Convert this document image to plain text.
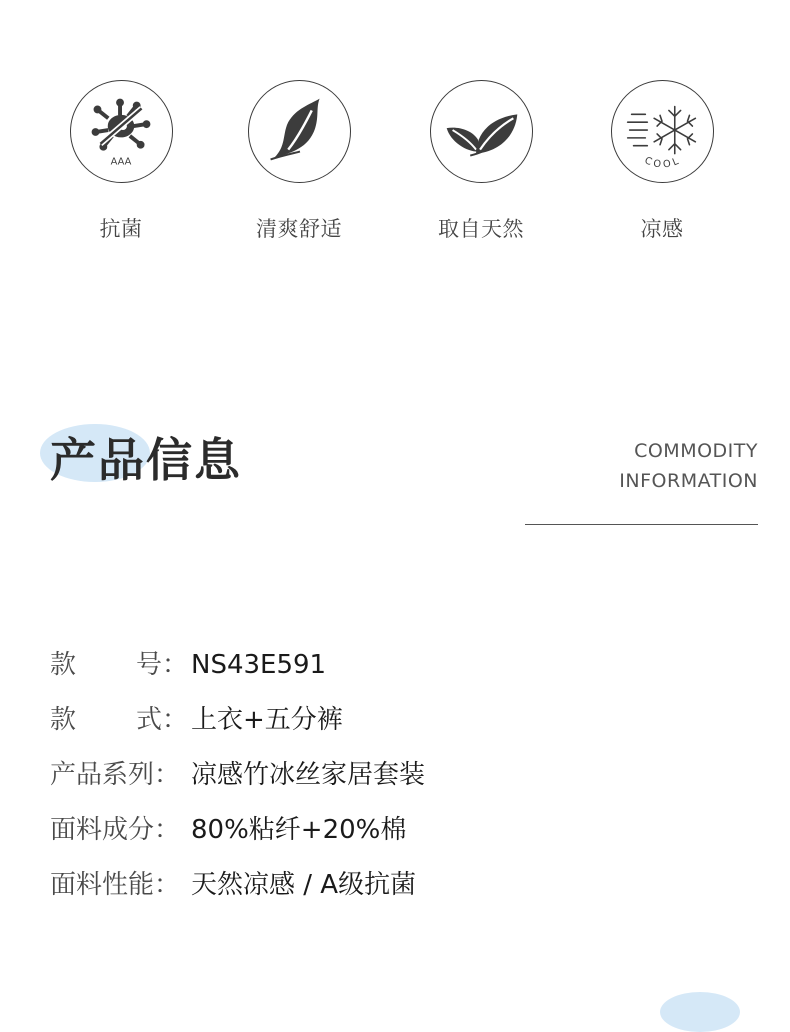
AAA
抗菌	清爽舒适	取自天然
COOL
凉感
产品信息	COMMODITY
INFORMATION
款 号： NS43E591
款 式： 上衣+五分裤
产品系列： 凉感竹冰丝家居套装
面料成分： 80%粘纤+20%棉
面料性能： 天然凉感 / A级抗菌
